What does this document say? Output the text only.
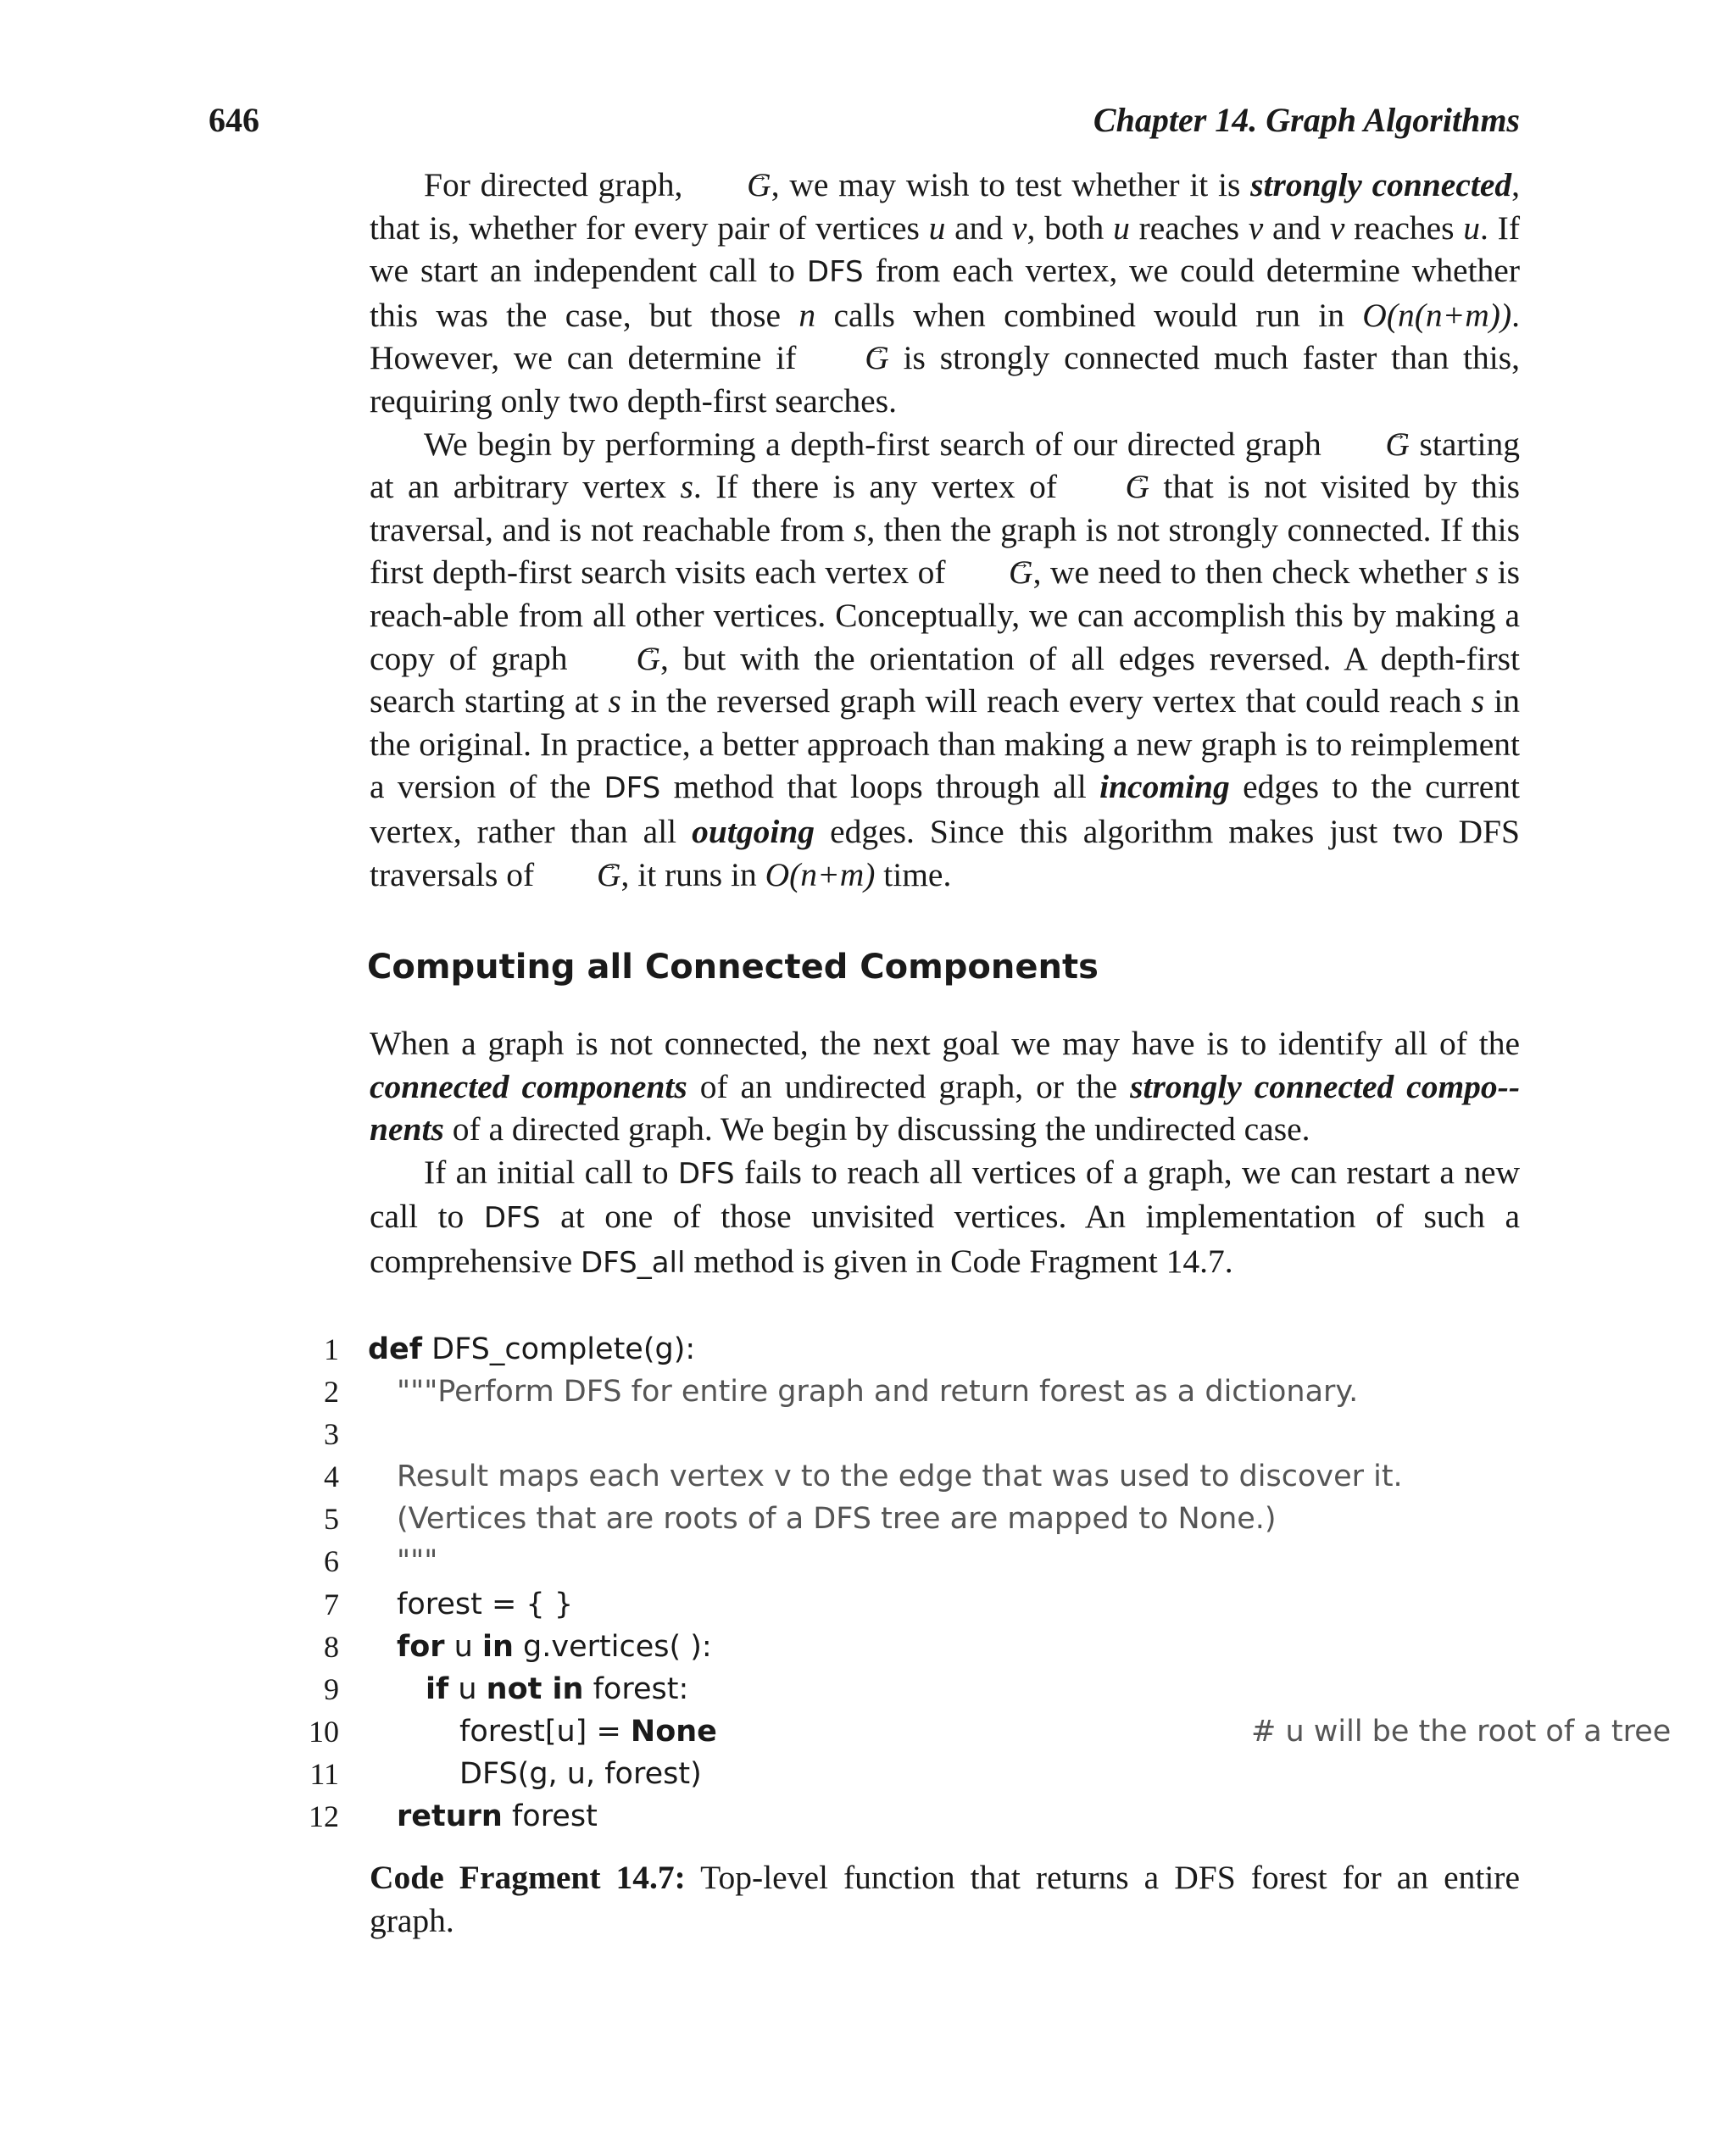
646	Chapter 14. Graph Algorithms

For directed graph, G →, we may wish to test whether it is strongly connected, that is, whether for every pair of vertices u and v, both u reaches v and v reaches u. If we start an independent call to DFS from each vertex, we could determine whether this was the case, but those n calls when combined would run in O(n(n+m)). However, we can determine if G → is strongly connected much faster than this, requiring only two depth-first searches.

We begin by performing a depth-first search of our directed graph G → starting at an arbitrary vertex s. If there is any vertex of G → that is not visited by this traversal, and is not reachable from s, then the graph is not strongly connected. If this first depth-first search visits each vertex of G →, we need to then check whether s is reach-able from all other vertices. Conceptually, we can accomplish this by making a copy of graph G →, but with the orientation of all edges reversed. A depth-first search starting at s in the reversed graph will reach every vertex that could reach s in the original. In practice, a better approach than making a new graph is to reimplement a version of the DFS method that loops through all incoming edges to the current vertex, rather than all outgoing edges. Since this algorithm makes just two DFS traversals of G →, it runs in O(n+m) time.

Computing all Connected Components

When a graph is not connected, the next goal we may have is to identify all of the connected components of an undirected graph, or the strongly connected compo-nents of a directed graph. We begin by discussing the undirected case.

If an initial call to DFS fails to reach all vertices of a graph, we can restart a new call to DFS at one of those unvisited vertices. An implementation of such a comprehensive DFS_all method is given in Code Fragment 14.7.

1 def DFS_complete(g):
2 """Perform DFS for entire graph and return forest as a dictionary.
3
4 Result maps each vertex v to the edge that was used to discover it.
5 (Vertices that are roots of a DFS tree are mapped to None.)
6 """
7 forest = { }
8 for u in g.vertices( ):
9	if u not in forest:
10	forest[u] = None	# u will be the root of a tree
11	DFS(g, u, forest)
12 return forest
Code Fragment 14.7: Top-level function that returns a DFS forest for an entire graph.
